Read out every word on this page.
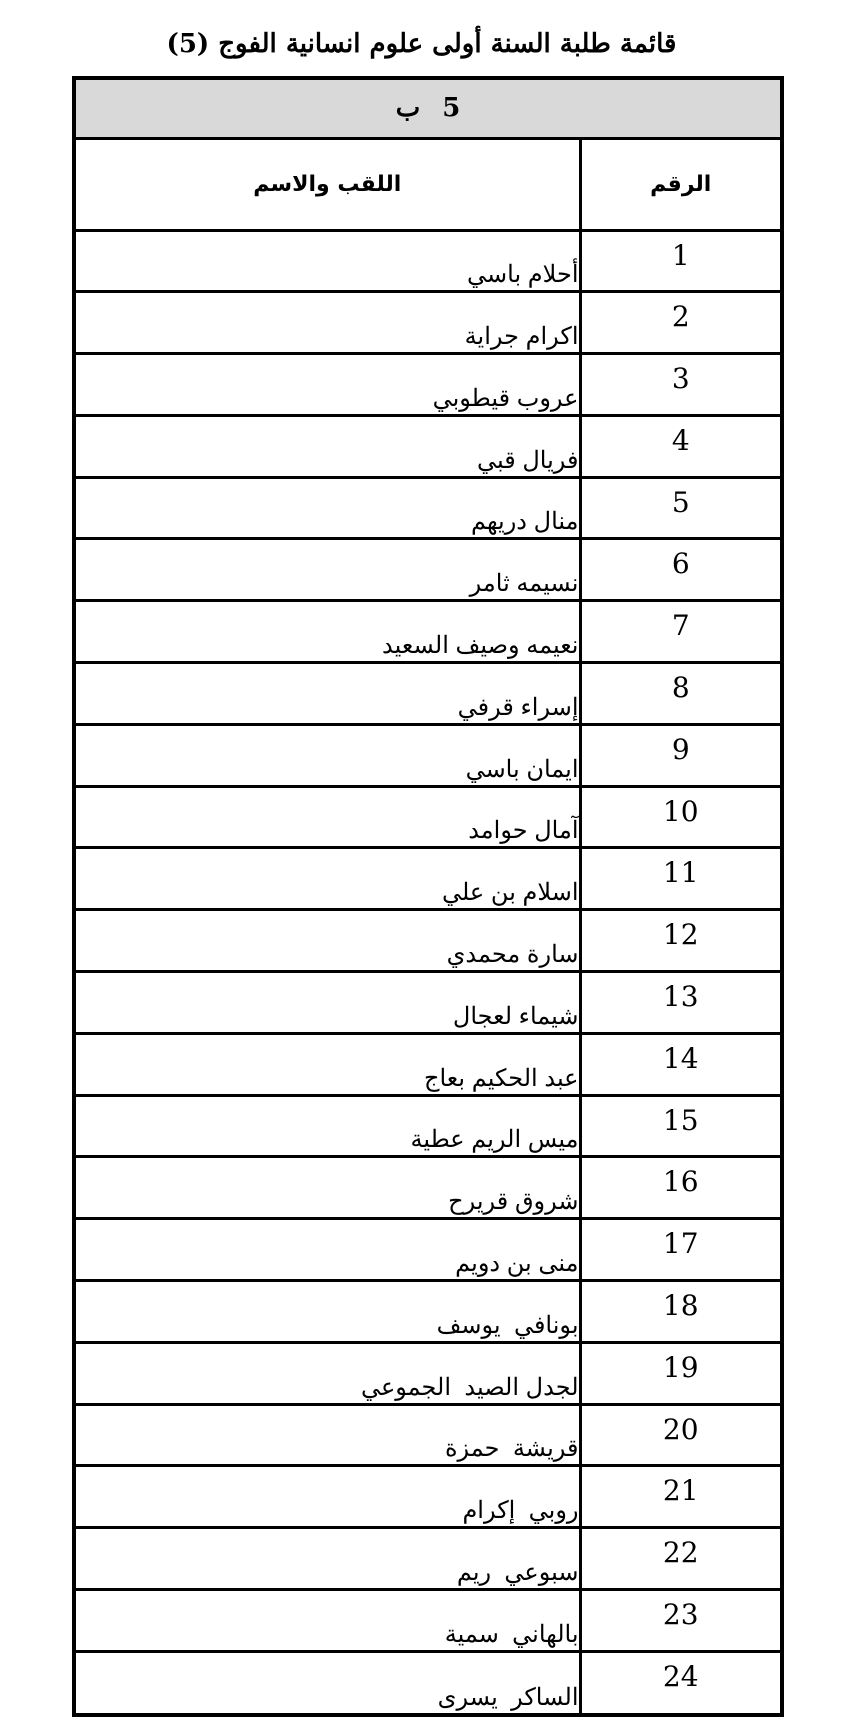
قائمة طلبة السنة أولى علوم انسانية الفوج (5)
5ب
الرقم	اللقب والاسم
1	أحلام باسي
2	اكرام جراية
3	عروب قيطوبي
4	فريال قبي
5	منال دريهم
6	نسيمه ثامر
7	نعيمه وصيف السعيد
8	إسراء قرفي
9	ايمان باسي
10	آمال حوامد
11	اسلام بن علي
12	سارة محمدي
13	شيماء لعجال
14	عبد الحكيم بعاج
15	ميس الريم عطية
16	شروق قريرح
17	منى بن دويم
18	بونافي  يوسف
19	لجدل الصيد  الجموعي
20	قريشة  حمزة
21	روبي  إكرام
22	سبوعي  ريم
23	بالهاني  سمية
24	الساكر  يسرى
